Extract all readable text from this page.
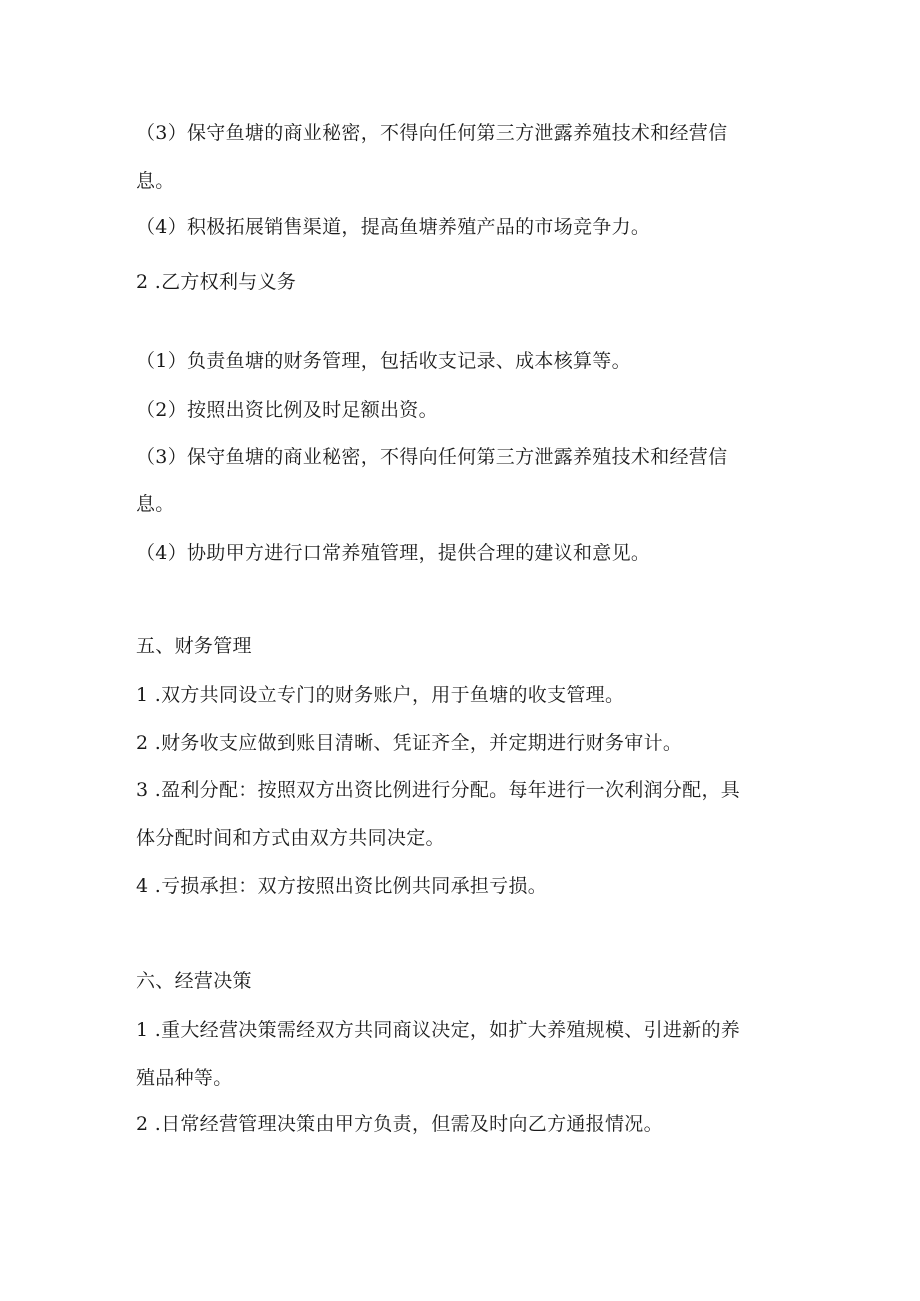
（3）保守鱼塘的商业秘密，不得向任何第三方泄露养殖技术和经营信
息。
（4）积极拓展销售渠道，提高鱼塘养殖产品的市场竞争力。
2 .乙方权利与义务
（1）负责鱼塘的财务管理，包括收支记录、成本核算等。
（2）按照出资比例及时足额出资。
（3）保守鱼塘的商业秘密，不得向任何第三方泄露养殖技术和经营信
息。
（4）协助甲方进行口常养殖管理，提供合理的建议和意见。
五、财务管理
1 .双方共同设立专门的财务账户，用于鱼塘的收支管理。
2 .财务收支应做到账目清晰、凭证齐全，并定期进行财务审计。
3 .盈利分配：按照双方出资比例进行分配。每年进行一次利润分配，具
体分配时间和方式由双方共同决定。
4 .亏损承担：双方按照出资比例共同承担亏损。
六、经营决策
1 .重大经营决策需经双方共同商议决定，如扩大养殖规模、引进新的养
殖品种等。
2 .日常经营管理决策由甲方负责，但需及时向乙方通报情况。
